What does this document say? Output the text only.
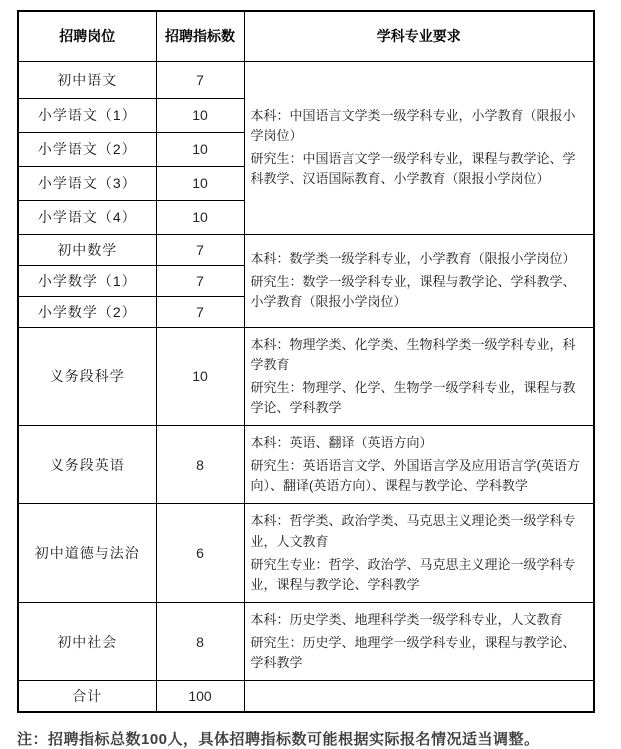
招聘岗位	招聘指标数	学科专业要求
初中语文	7	本科：中国语言文学类一级学科专业，小学教育（限报小学岗位）

研究生：中国语言文学一级学科专业，课程与教学论、学科教学、汉语国际教育、小学教育（限报小学岗位）

小学语文（1）	10	
小学语文（2）	10	
小学语文（3）	10	
小学语文（4）	10	
初中数学	7	本科：数学类一级学科专业，小学教育（限报小学岗位）

研究生：数学一级学科专业，课程与教学论、学科教学、小学教育（限报小学岗位）

小学数学（1）	7	
小学数学（2）	7	
义务段科学	10	本科：物理学类、化学类、生物科学类一级学科专业，科学教育

研究生：物理学、化学、生物学一级学科专业，课程与教学论、学科教学

义务段英语	8	本科：英语、翻译（英语方向）

研究生：英语语言文学、外国语言学及应用语言学(英语方向）、翻译(英语方向）、课程与教学论、学科教学

初中道德与法治	6	本科：哲学类、政治学类、马克思主义理论类一级学科专业，人文教育

研究生专业：哲学、政治学、马克思主义理论一级学科专业，课程与教学论、学科教学

初中社会	8	本科：历史学类、地理科学类一级学科专业，人文教育

研究生：历史学、地理学一级学科专业，课程与教学论、学科教学

合计	100	

注：招聘指标总数100人，具体招聘指标数可能根据实际报名情况适当调整。
